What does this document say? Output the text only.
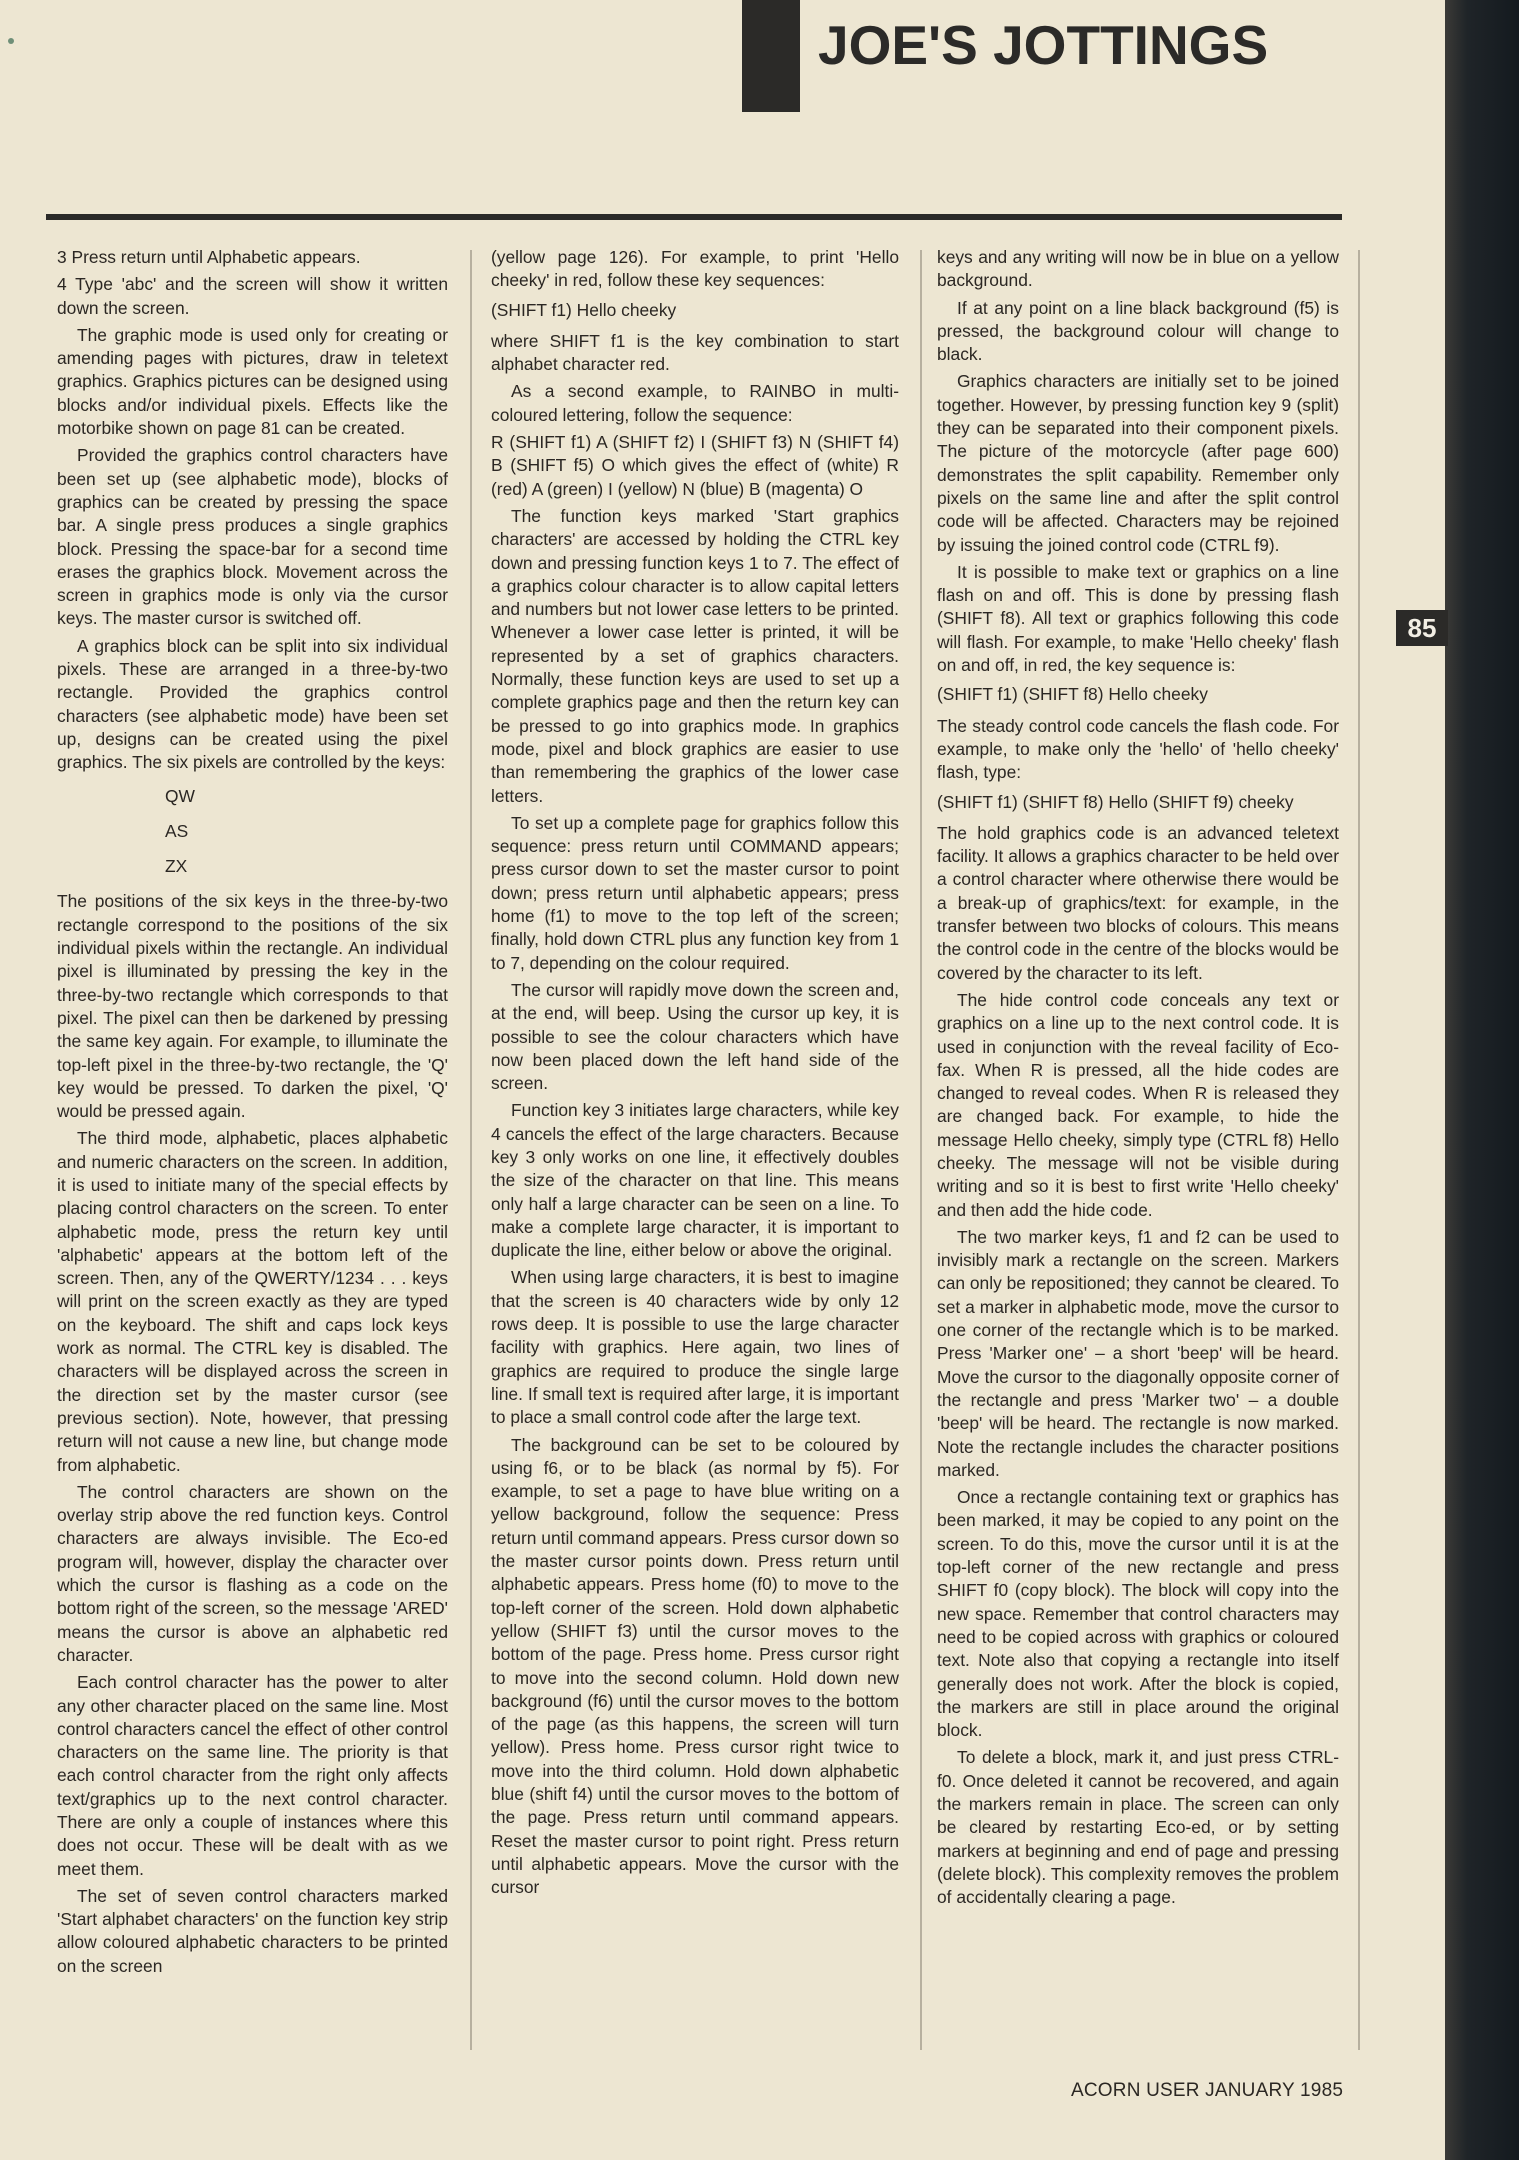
JOE'S JOTTINGS

3 Press return until Alphabetic appears.

4 Type 'abc' and the screen will show it written down the screen.

The graphic mode is used only for creating or amending pages with pictures, draw in teletext graphics. Graphics pictures can be designed using blocks and/or individual pixels. Effects like the motorbike shown on page 81 can be created.

Provided the graphics control characters have been set up (see alphabetic mode), blocks of graphics can be created by pressing the space bar. A single press produces a single graphics block. Pressing the space-bar for a second time erases the graphics block. Movement across the screen in graphics mode is only via the cursor keys. The master cursor is switched off.

A graphics block can be split into six individual pixels. These are arranged in a three-by-two rectangle. Provided the graphics control characters (see alphabetic mode) have been set up, designs can be created using the pixel graphics. The six pixels are controlled by the keys:

QW

AS

ZX

The positions of the six keys in the three-by-two rectangle correspond to the positions of the six individual pixels within the rectangle. An individual pixel is illuminated by pressing the key in the three-by-two rectangle which corresponds to that pixel. The pixel can then be darkened by pressing the same key again. For example, to illuminate the top-left pixel in the three-by-two rectangle, the 'Q' key would be pressed. To darken the pixel, 'Q' would be pressed again.

The third mode, alphabetic, places alphabetic and numeric characters on the screen. In addition, it is used to initiate many of the special effects by placing control characters on the screen. To enter alphabetic mode, press the return key until 'alphabetic' appears at the bottom left of the screen. Then, any of the QWERTY/1234 . . . keys will print on the screen exactly as they are typed on the keyboard. The shift and caps lock keys work as normal. The CTRL key is disabled. The characters will be displayed across the screen in the direction set by the master cursor (see previous section). Note, however, that pressing return will not cause a new line, but change mode from alphabetic.

The control characters are shown on the overlay strip above the red function keys. Control characters are always invisible. The Eco-ed program will, however, display the character over which the cursor is flashing as a code on the bottom right of the screen, so the message 'ARED' means the cursor is above an alphabetic red character.

Each control character has the power to alter any other character placed on the same line. Most control characters cancel the effect of other control characters on the same line. The priority is that each control character from the right only affects text/graphics up to the next control character. There are only a couple of instances where this does not occur. These will be dealt with as we meet them.

The set of seven control characters marked 'Start alphabet characters' on the function key strip allow coloured alphabetic characters to be printed on the screen

(yellow page 126). For example, to print 'Hello cheeky' in red, follow these key sequences:

(SHIFT f1) Hello cheeky

where SHIFT f1 is the key combination to start alphabet character red.

As a second example, to RAINBO in multi-coloured lettering, follow the sequence:

R (SHIFT f1) A (SHIFT f2) I (SHIFT f3) N (SHIFT f4) B (SHIFT f5) O which gives the effect of (white) R (red) A (green) I (yellow) N (blue) B (magenta) O

The function keys marked 'Start graphics characters' are accessed by holding the CTRL key down and pressing function keys 1 to 7. The effect of a graphics colour character is to allow capital letters and numbers but not lower case letters to be printed. Whenever a lower case letter is printed, it will be represented by a set of graphics characters. Normally, these function keys are used to set up a complete graphics page and then the return key can be pressed to go into graphics mode. In graphics mode, pixel and block graphics are easier to use than remembering the graphics of the lower case letters.

To set up a complete page for graphics follow this sequence: press return until COMMAND appears; press cursor down to set the master cursor to point down; press return until alphabetic appears; press home (f1) to move to the top left of the screen; finally, hold down CTRL plus any function key from 1 to 7, depending on the colour required.

The cursor will rapidly move down the screen and, at the end, will beep. Using the cursor up key, it is possible to see the colour characters which have now been placed down the left hand side of the screen.

Function key 3 initiates large characters, while key 4 cancels the effect of the large characters. Because key 3 only works on one line, it effectively doubles the size of the character on that line. This means only half a large character can be seen on a line. To make a complete large character, it is important to duplicate the line, either below or above the original.

When using large characters, it is best to imagine that the screen is 40 characters wide by only 12 rows deep. It is possible to use the large character facility with graphics. Here again, two lines of graphics are required to produce the single large line. If small text is required after large, it is important to place a small control code after the large text.

The background can be set to be coloured by using f6, or to be black (as normal by f5). For example, to set a page to have blue writing on a yellow background, follow the sequence: Press return until command appears. Press cursor down so the master cursor points down. Press return until alphabetic appears. Press home (f0) to move to the top-left corner of the screen. Hold down alphabetic yellow (SHIFT f3) until the cursor moves to the bottom of the page. Press home. Press cursor right to move into the second column. Hold down new background (f6) until the cursor moves to the bottom of the page (as this happens, the screen will turn yellow). Press home. Press cursor right twice to move into the third column. Hold down alphabetic blue (shift f4) until the cursor moves to the bottom of the page. Press return until command appears. Reset the master cursor to point right. Press return until alphabetic appears. Move the cursor with the cursor

keys and any writing will now be in blue on a yellow background.

If at any point on a line black background (f5) is pressed, the background colour will change to black.

Graphics characters are initially set to be joined together. However, by pressing function key 9 (split) they can be separated into their component pixels. The picture of the motorcycle (after page 600) demonstrates the split capability. Remember only pixels on the same line and after the split control code will be affected. Characters may be rejoined by issuing the joined control code (CTRL f9).

It is possible to make text or graphics on a line flash on and off. This is done by pressing flash (SHIFT f8). All text or graphics following this code will flash. For example, to make 'Hello cheeky' flash on and off, in red, the key sequence is:

(SHIFT f1) (SHIFT f8) Hello cheeky

The steady control code cancels the flash code. For example, to make only the 'hello' of 'hello cheeky' flash, type:

(SHIFT f1) (SHIFT f8) Hello (SHIFT f9) cheeky

The hold graphics code is an advanced teletext facility. It allows a graphics character to be held over a control character where otherwise there would be a break-up of graphics/text: for example, in the transfer between two blocks of colours. This means the control code in the centre of the blocks would be covered by the character to its left.

The hide control code conceals any text or graphics on a line up to the next control code. It is used in conjunction with the reveal facility of Eco-fax. When R is pressed, all the hide codes are changed to reveal codes. When R is released they are changed back. For example, to hide the message Hello cheeky, simply type (CTRL f8) Hello cheeky. The message will not be visible during writing and so it is best to first write 'Hello cheeky' and then add the hide code.

The two marker keys, f1 and f2 can be used to invisibly mark a rectangle on the screen. Markers can only be repositioned; they cannot be cleared. To set a marker in alphabetic mode, move the cursor to one corner of the rectangle which is to be marked. Press 'Marker one' – a short 'beep' will be heard. Move the cursor to the diagonally opposite corner of the rectangle and press 'Marker two' – a double 'beep' will be heard. The rectangle is now marked. Note the rectangle includes the character positions marked.

Once a rectangle containing text or graphics has been marked, it may be copied to any point on the screen. To do this, move the cursor until it is at the top-left corner of the new rectangle and press SHIFT f0 (copy block). The block will copy into the new space. Remember that control characters may need to be copied across with graphics or coloured text. Note also that copying a rectangle into itself generally does not work. After the block is copied, the markers are still in place around the original block.

To delete a block, mark it, and just press CTRL-f0. Once deleted it cannot be recovered, and again the markers remain in place. The screen can only be cleared by restarting Eco-ed, or by setting markers at beginning and end of page and pressing (delete block). This complexity removes the problem of accidentally clearing a page.

85
ACORN USER JANUARY 1985
